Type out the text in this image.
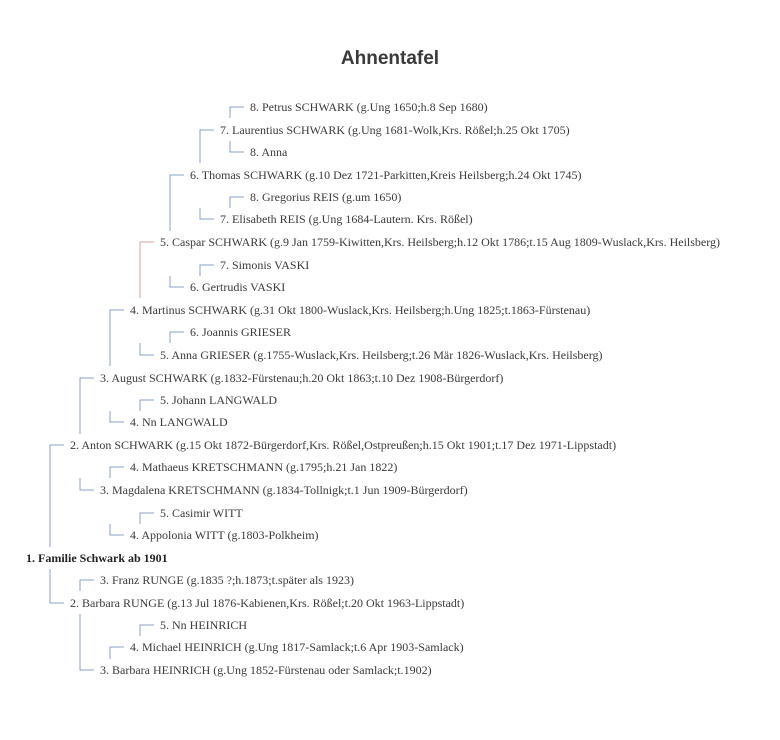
Ahnentafel

8. Petrus SCHWARK (g.Ung 1650;h.8 Sep 1680)

7. Laurentius SCHWARK (g.Ung 1681-Wolk,Krs. Rößel;h.25 Okt 1705)

8. Anna

6. Thomas SCHWARK (g.10 Dez 1721-Parkitten,Kreis Heilsberg;h.24 Okt 1745)

8. Gregorius REIS (g.um 1650)

7. Elisabeth REIS (g.Ung 1684-Lautern. Krs. Rößel)

5. Caspar SCHWARK (g.9 Jan 1759-Kiwitten,Krs. Heilsberg;h.12 Okt 1786;t.15 Aug 1809-Wuslack,Krs. Heilsberg)

7. Simonis VASKI

6. Gertrudis VASKI

4. Martinus SCHWARK (g.31 Okt 1800-Wuslack,Krs. Heilsberg;h.Ung 1825;t.1863-Fürstenau)

6. Joannis GRIESER

5. Anna GRIESER (g.1755-Wuslack,Krs. Heilsberg;t.26 Mär 1826-Wuslack,Krs. Heilsberg)

3. August SCHWARK (g.1832-Fürstenau;h.20 Okt 1863;t.10 Dez 1908-Bürgerdorf)

5. Johann LANGWALD

4. Nn LANGWALD

2. Anton SCHWARK (g.15 Okt 1872-Bürgerdorf,Krs. Rößel,Ostpreußen;h.15 Okt 1901;t.17 Dez 1971-Lippstadt)

4. Mathaeus KRETSCHMANN (g.1795;h.21 Jan 1822)

3. Magdalena KRETSCHMANN (g.1834-Tollnigk;t.1 Jun 1909-Bürgerdorf)

5. Casimir WITT

4. Appolonia WITT (g.1803-Polkheim)

1. Familie Schwark ab 1901

3. Franz RUNGE (g.1835 ?;h.1873;t.später als 1923)

2. Barbara RUNGE (g.13 Jul 1876-Kabienen,Krs. Rößel;t.20 Okt 1963-Lippstadt)

5. Nn HEINRICH

4. Michael HEINRICH (g.Ung 1817-Samlack;t.6 Apr 1903-Samlack)

3. Barbara HEINRICH (g.Ung 1852-Fürstenau oder Samlack;t.1902)
